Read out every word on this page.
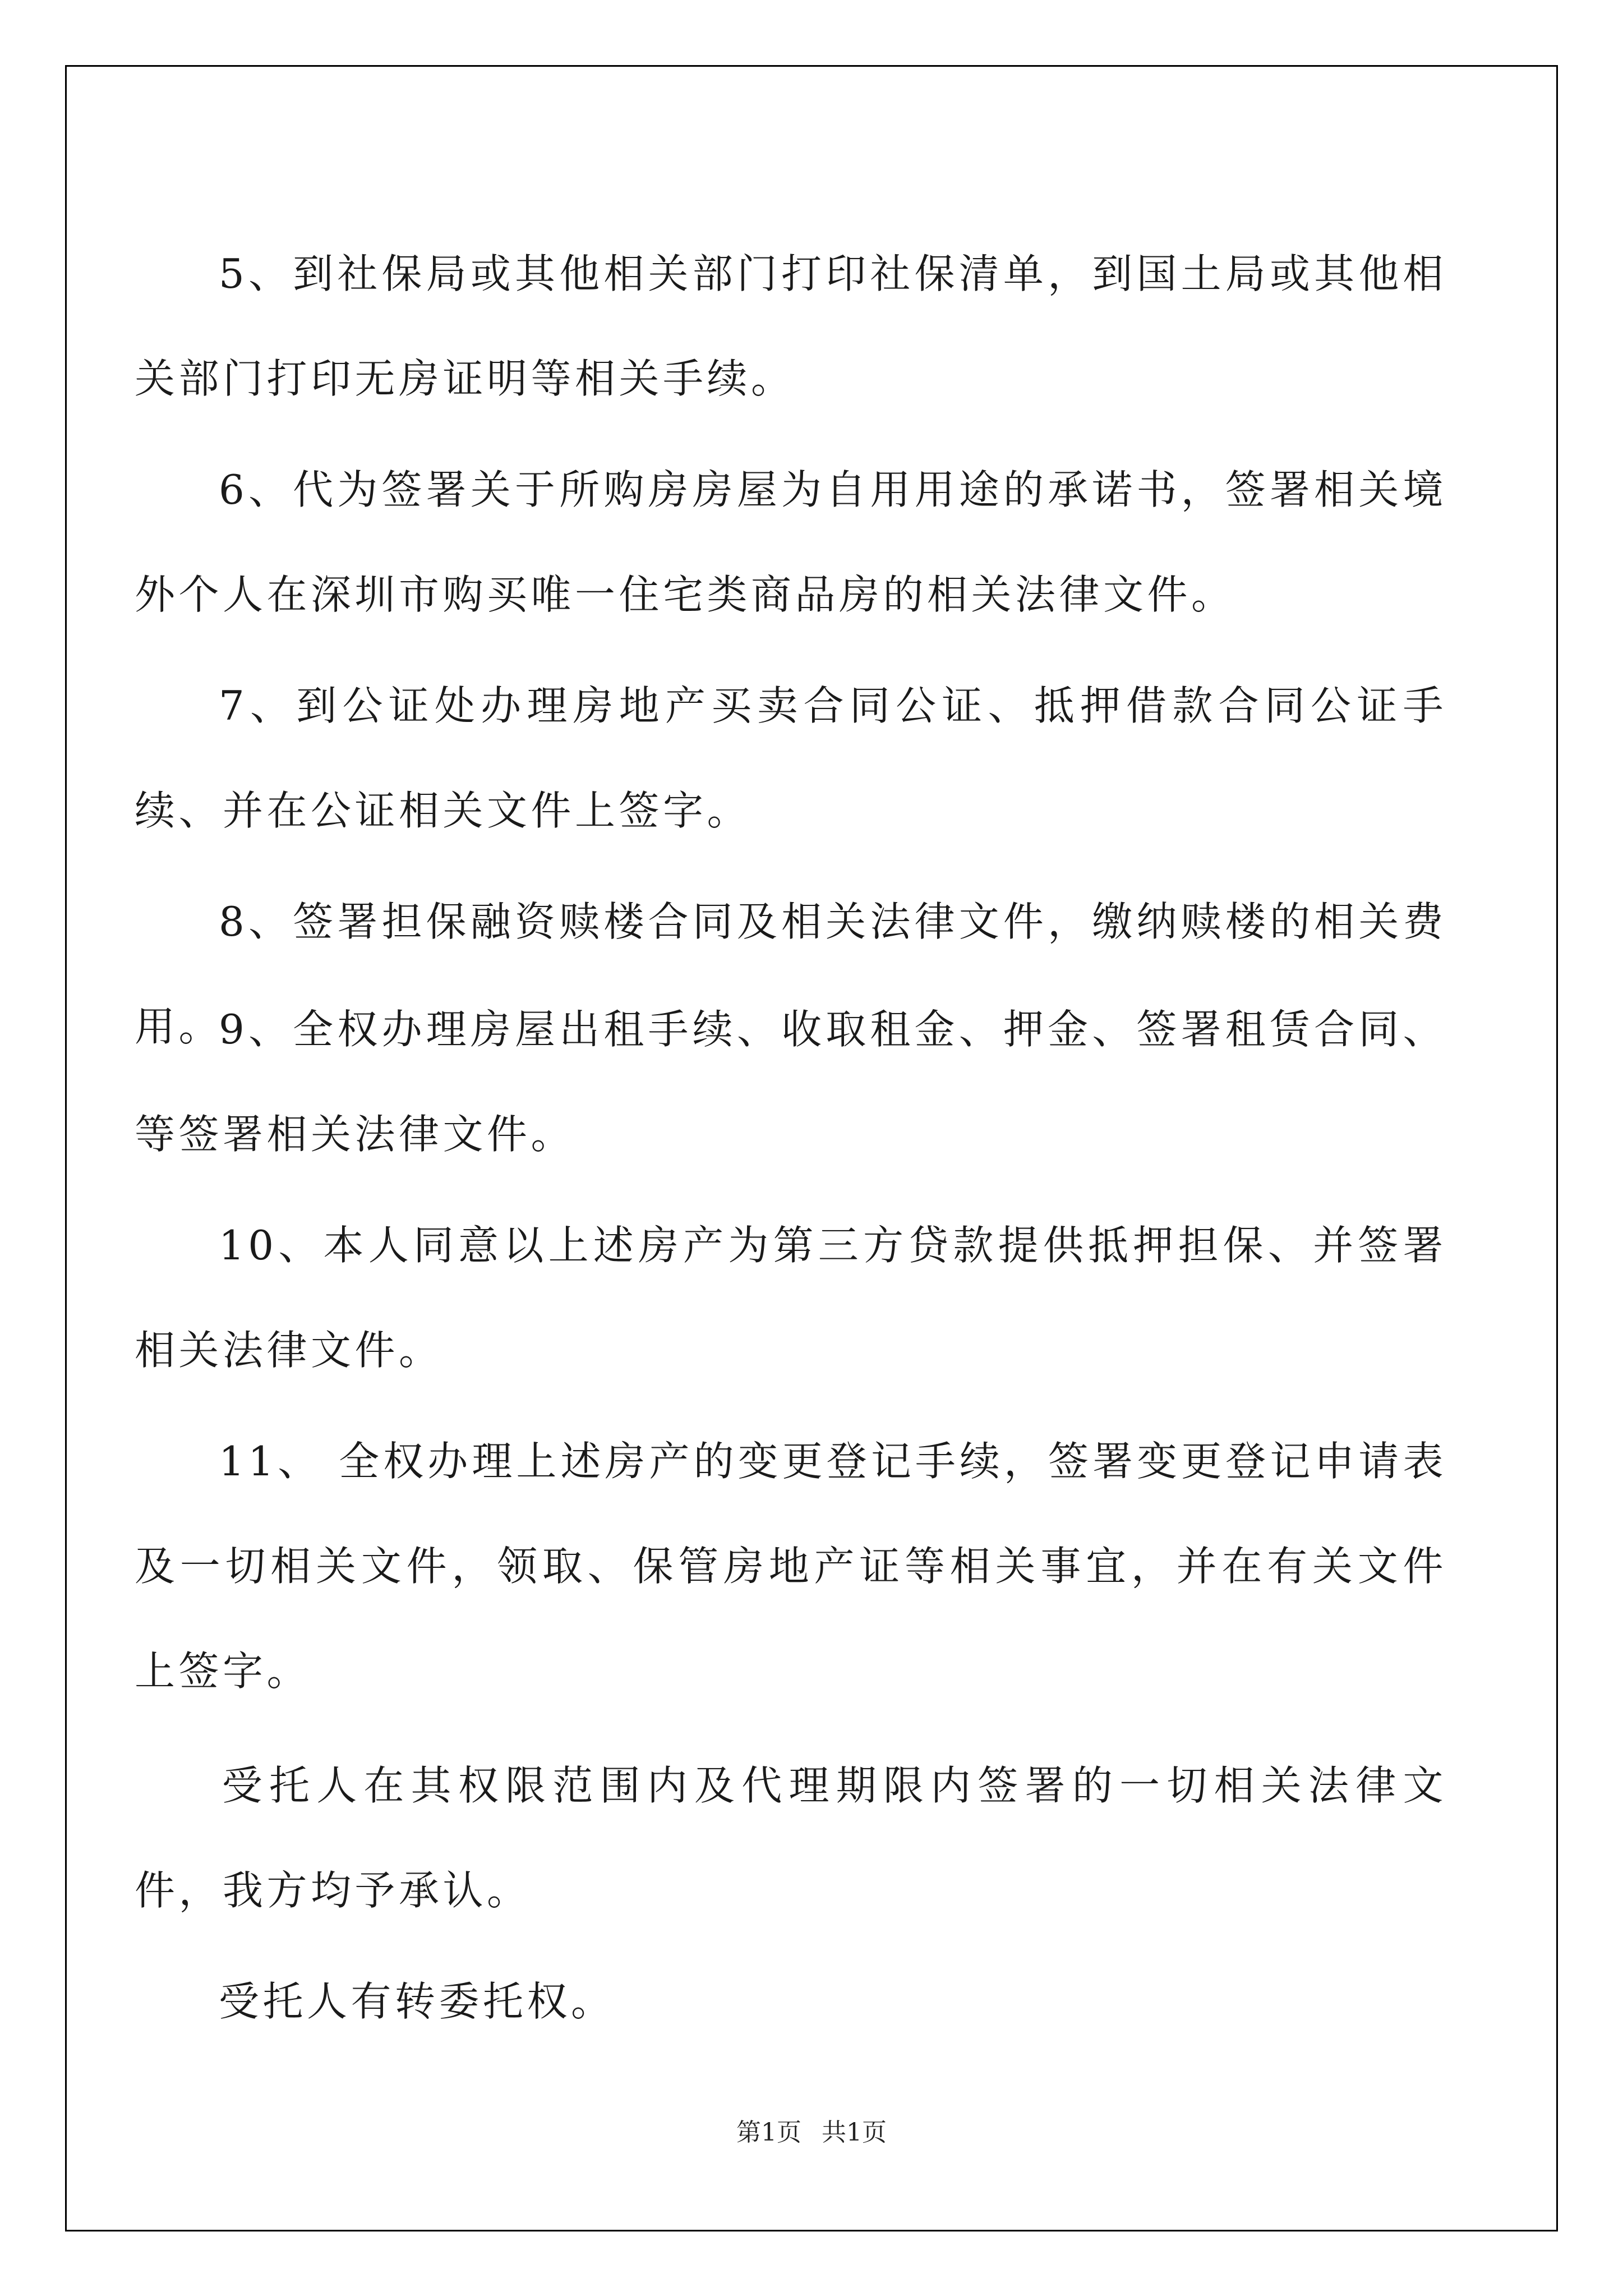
5、到社保局或其他相关部门打印社保清单，到国土局或其他相关部门打印无房证明等相关手续。

6、代为签署关于所购房房屋为自用用途的承诺书，签署相关境外个人在深圳市购买唯一住宅类商品房的相关法律文件。

7、到公证处办理房地产买卖合同公证、抵押借款合同公证手续、并在公证相关文件上签字。

8、签署担保融资赎楼合同及相关法律文件，缴纳赎楼的相关费用。

9、全权办理房屋出租手续、收取租金、押金、签署租赁合同、等签署相关法律文件。

10、本人同意以上述房产为第三方贷款提供抵押担保、并签署相关法律文件。

11、 全权办理上述房产的变更登记手续，签署变更登记申请表及一切相关文件，领取、保管房地产证等相关事宜，并在有关文件上签字。

受托人在其权限范围内及代理期限内签署的一切相关法律文件，我方均予承认。

受托人有转委托权。

第1页 共1页
